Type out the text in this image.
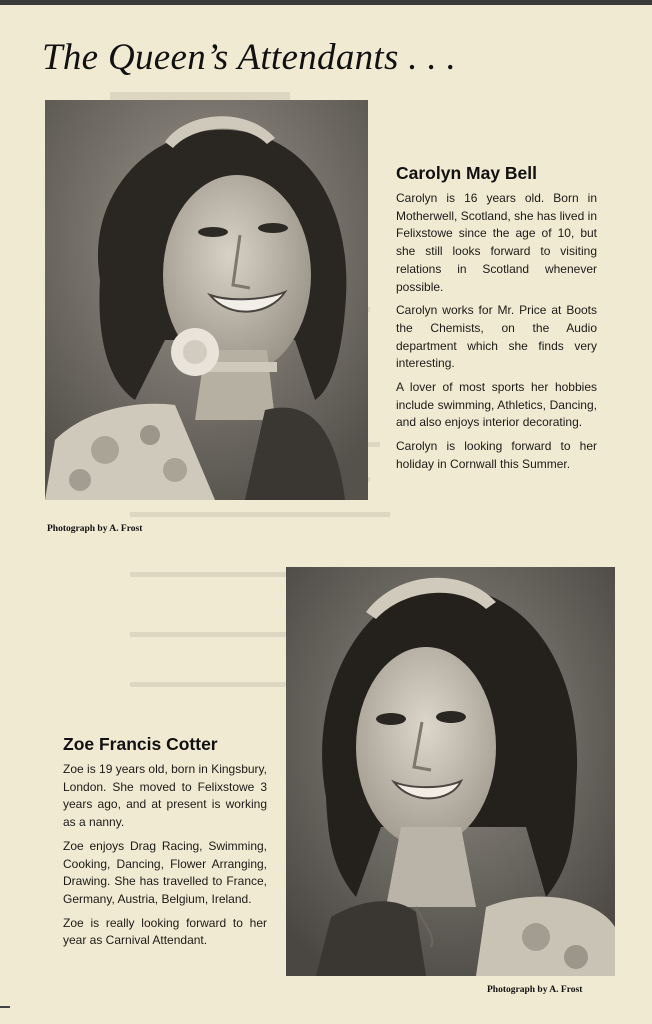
The Queen’s Attendants . . .
Photograph by A. Frost
Carolyn May Bell

Carolyn is 16 years old. Born in Motherwell, Scotland, she has lived in Felixstowe since the age of 10, but she still looks forward to visiting relations in Scotland whenever possible.

Carolyn works for Mr. Price at Boots the Chemists, on the Audio department which she finds very interesting.

A lover of most sports her hobbies include swimming, Athletics, Dancing, and also enjoys interior decorating.

Carolyn is looking forward to her holiday in Cornwall this Summer.

Zoe Francis Cotter

Zoe is 19 years old, born in Kingsbury, London. She moved to Felixstowe 3 years ago, and at present is working as a nanny.

Zoe enjoys Drag Racing, Swimming, Cooking, Dancing, Flower Arranging, Drawing. She has travelled to France, Germany, Austria, Belgium, Ireland.

Zoe is really looking forward to her year as Carnival Attendant.

Photograph by A. Frost
